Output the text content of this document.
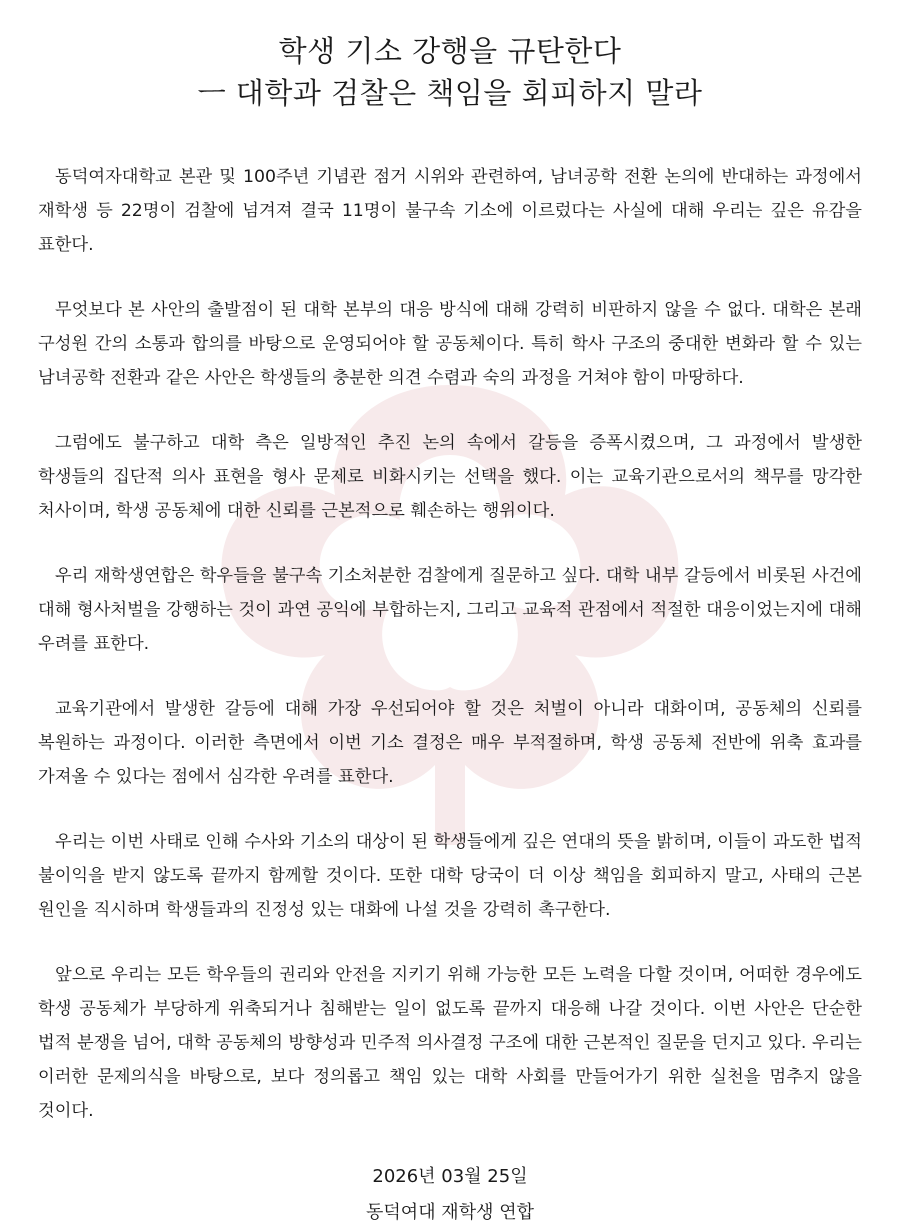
학생 기소 강행을 규탄한다
ㅡ 대학과 검찰은 책임을 회피하지 말라

동덕여자대학교 본관 및 100주년 기념관 점거 시위와 관련하여, 남녀공학 전환 논의에 반대하는 과정에서 재학생 등 22명이 검찰에 넘겨져 결국 11명이 불구속 기소에 이르렀다는 사실에 대해 우리는 깊은 유감을 표한다.

무엇보다 본 사안의 출발점이 된 대학 본부의 대응 방식에 대해 강력히 비판하지 않을 수 없다. 대학은 본래 구성원 간의 소통과 합의를 바탕으로 운영되어야 할 공동체이다. 특히 학사 구조의 중대한 변화라 할 수 있는 남녀공학 전환과 같은 사안은 학생들의 충분한 의견 수렴과 숙의 과정을 거쳐야 함이 마땅하다.

그럼에도 불구하고 대학 측은 일방적인 추진 논의 속에서 갈등을 증폭시켰으며, 그 과정에서 발생한 학생들의 집단적 의사 표현을 형사 문제로 비화시키는 선택을 했다. 이는 교육기관으로서의 책무를 망각한 처사이며, 학생 공동체에 대한 신뢰를 근본적으로 훼손하는 행위이다.

우리 재학생연합은 학우들을 불구속 기소처분한 검찰에게 질문하고 싶다. 대학 내부 갈등에서 비롯된 사건에 대해 형사처벌을 강행하는 것이 과연 공익에 부합하는지, 그리고 교육적 관점에서 적절한 대응이었는지에 대해 우려를 표한다.

교육기관에서 발생한 갈등에 대해 가장 우선되어야 할 것은 처벌이 아니라 대화이며, 공동체의 신뢰를 복원하는 과정이다. 이러한 측면에서 이번 기소 결정은 매우 부적절하며, 학생 공동체 전반에 위축 효과를 가져올 수 있다는 점에서 심각한 우려를 표한다.

우리는 이번 사태로 인해 수사와 기소의 대상이 된 학생들에게 깊은 연대의 뜻을 밝히며, 이들이 과도한 법적 불이익을 받지 않도록 끝까지 함께할 것이다. 또한 대학 당국이 더 이상 책임을 회피하지 말고, 사태의 근본 원인을 직시하며 학생들과의 진정성 있는 대화에 나설 것을 강력히 촉구한다.

앞으로 우리는 모든 학우들의 권리와 안전을 지키기 위해 가능한 모든 노력을 다할 것이며, 어떠한 경우에도 학생 공동체가 부당하게 위축되거나 침해받는 일이 없도록 끝까지 대응해 나갈 것이다. 이번 사안은 단순한 법적 분쟁을 넘어, 대학 공동체의 방향성과 민주적 의사결정 구조에 대한 근본적인 질문을 던지고 있다. 우리는 이러한 문제의식을 바탕으로, 보다 정의롭고 책임 있는 대학 사회를 만들어가기 위한 실천을 멈추지 않을 것이다.

2026년 03월 25일
동덕여대 재학생 연합
